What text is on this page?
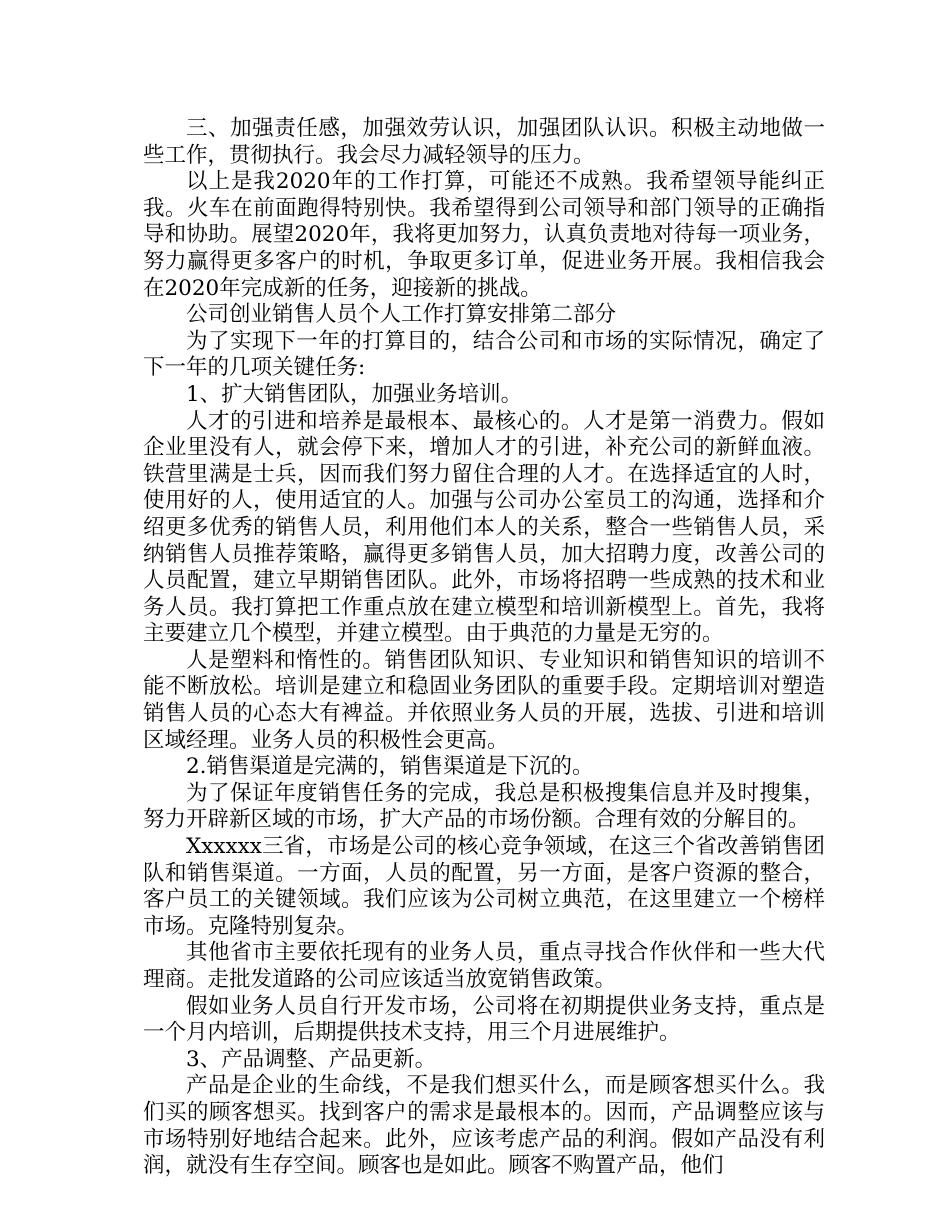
三、加强责任感，加强效劳认识，加强团队认识。积极主动地做一些工作，贯彻执行。我会尽力减轻领导的压力。

以上是我2020年的工作打算，可能还不成熟。我希望领导能纠正我。火车在前面跑得特别快。我希望得到公司领导和部门领导的正确指导和协助。展望2020年，我将更加努力，认真负责地对待每一项业务，努力赢得更多客户的时机，争取更多订单，促进业务开展。我相信我会在2020年完成新的任务，迎接新的挑战。

公司创业销售人员个人工作打算安排第二部分

为了实现下一年的打算目的，结合公司和市场的实际情况，确定了下一年的几项关键任务:

1、扩大销售团队，加强业务培训。

人才的引进和培养是最根本、最核心的。人才是第一消费力。假如企业里没有人，就会停下来，增加人才的引进，补充公司的新鲜血液。铁营里满是士兵，因而我们努力留住合理的人才。在选择适宜的人时，使用好的人，使用适宜的人。加强与公司办公室员工的沟通，选择和介绍更多优秀的销售人员，利用他们本人的关系，整合一些销售人员，采纳销售人员推荐策略，赢得更多销售人员，加大招聘力度，改善公司的人员配置，建立早期销售团队。此外，市场将招聘一些成熟的技术和业务人员。我打算把工作重点放在建立模型和培训新模型上。首先，我将主要建立几个模型，并建立模型。由于典范的力量是无穷的。

人是塑料和惰性的。销售团队知识、专业知识和销售知识的培训不能不断放松。培训是建立和稳固业务团队的重要手段。定期培训对塑造销售人员的心态大有裨益。并依照业务人员的开展，选拔、引进和培训区域经理。业务人员的积极性会更高。

2.销售渠道是完满的，销售渠道是下沉的。

为了保证年度销售任务的完成，我总是积极搜集信息并及时搜集，努力开辟新区域的市场，扩大产品的市场份额。合理有效的分解目的。

Xxxxxx三省，市场是公司的核心竞争领域，在这三个省改善销售团队和销售渠道。一方面，人员的配置，另一方面，是客户资源的整合，客户员工的关键领域。我们应该为公司树立典范，在这里建立一个榜样市场。克隆特别复杂。

其他省市主要依托现有的业务人员，重点寻找合作伙伴和一些大代理商。走批发道路的公司应该适当放宽销售政策。

假如业务人员自行开发市场，公司将在初期提供业务支持，重点是一个月内培训，后期提供技术支持，用三个月进展维护。

3、产品调整、产品更新。

产品是企业的生命线，不是我们想买什么，而是顾客想买什么。我们买的顾客想买。找到客户的需求是最根本的。因而，产品调整应该与市场特别好地结合起来。此外，应该考虑产品的利润。假如产品没有利润，就没有生存空间。顾客也是如此。顾客不购置产品，他们
